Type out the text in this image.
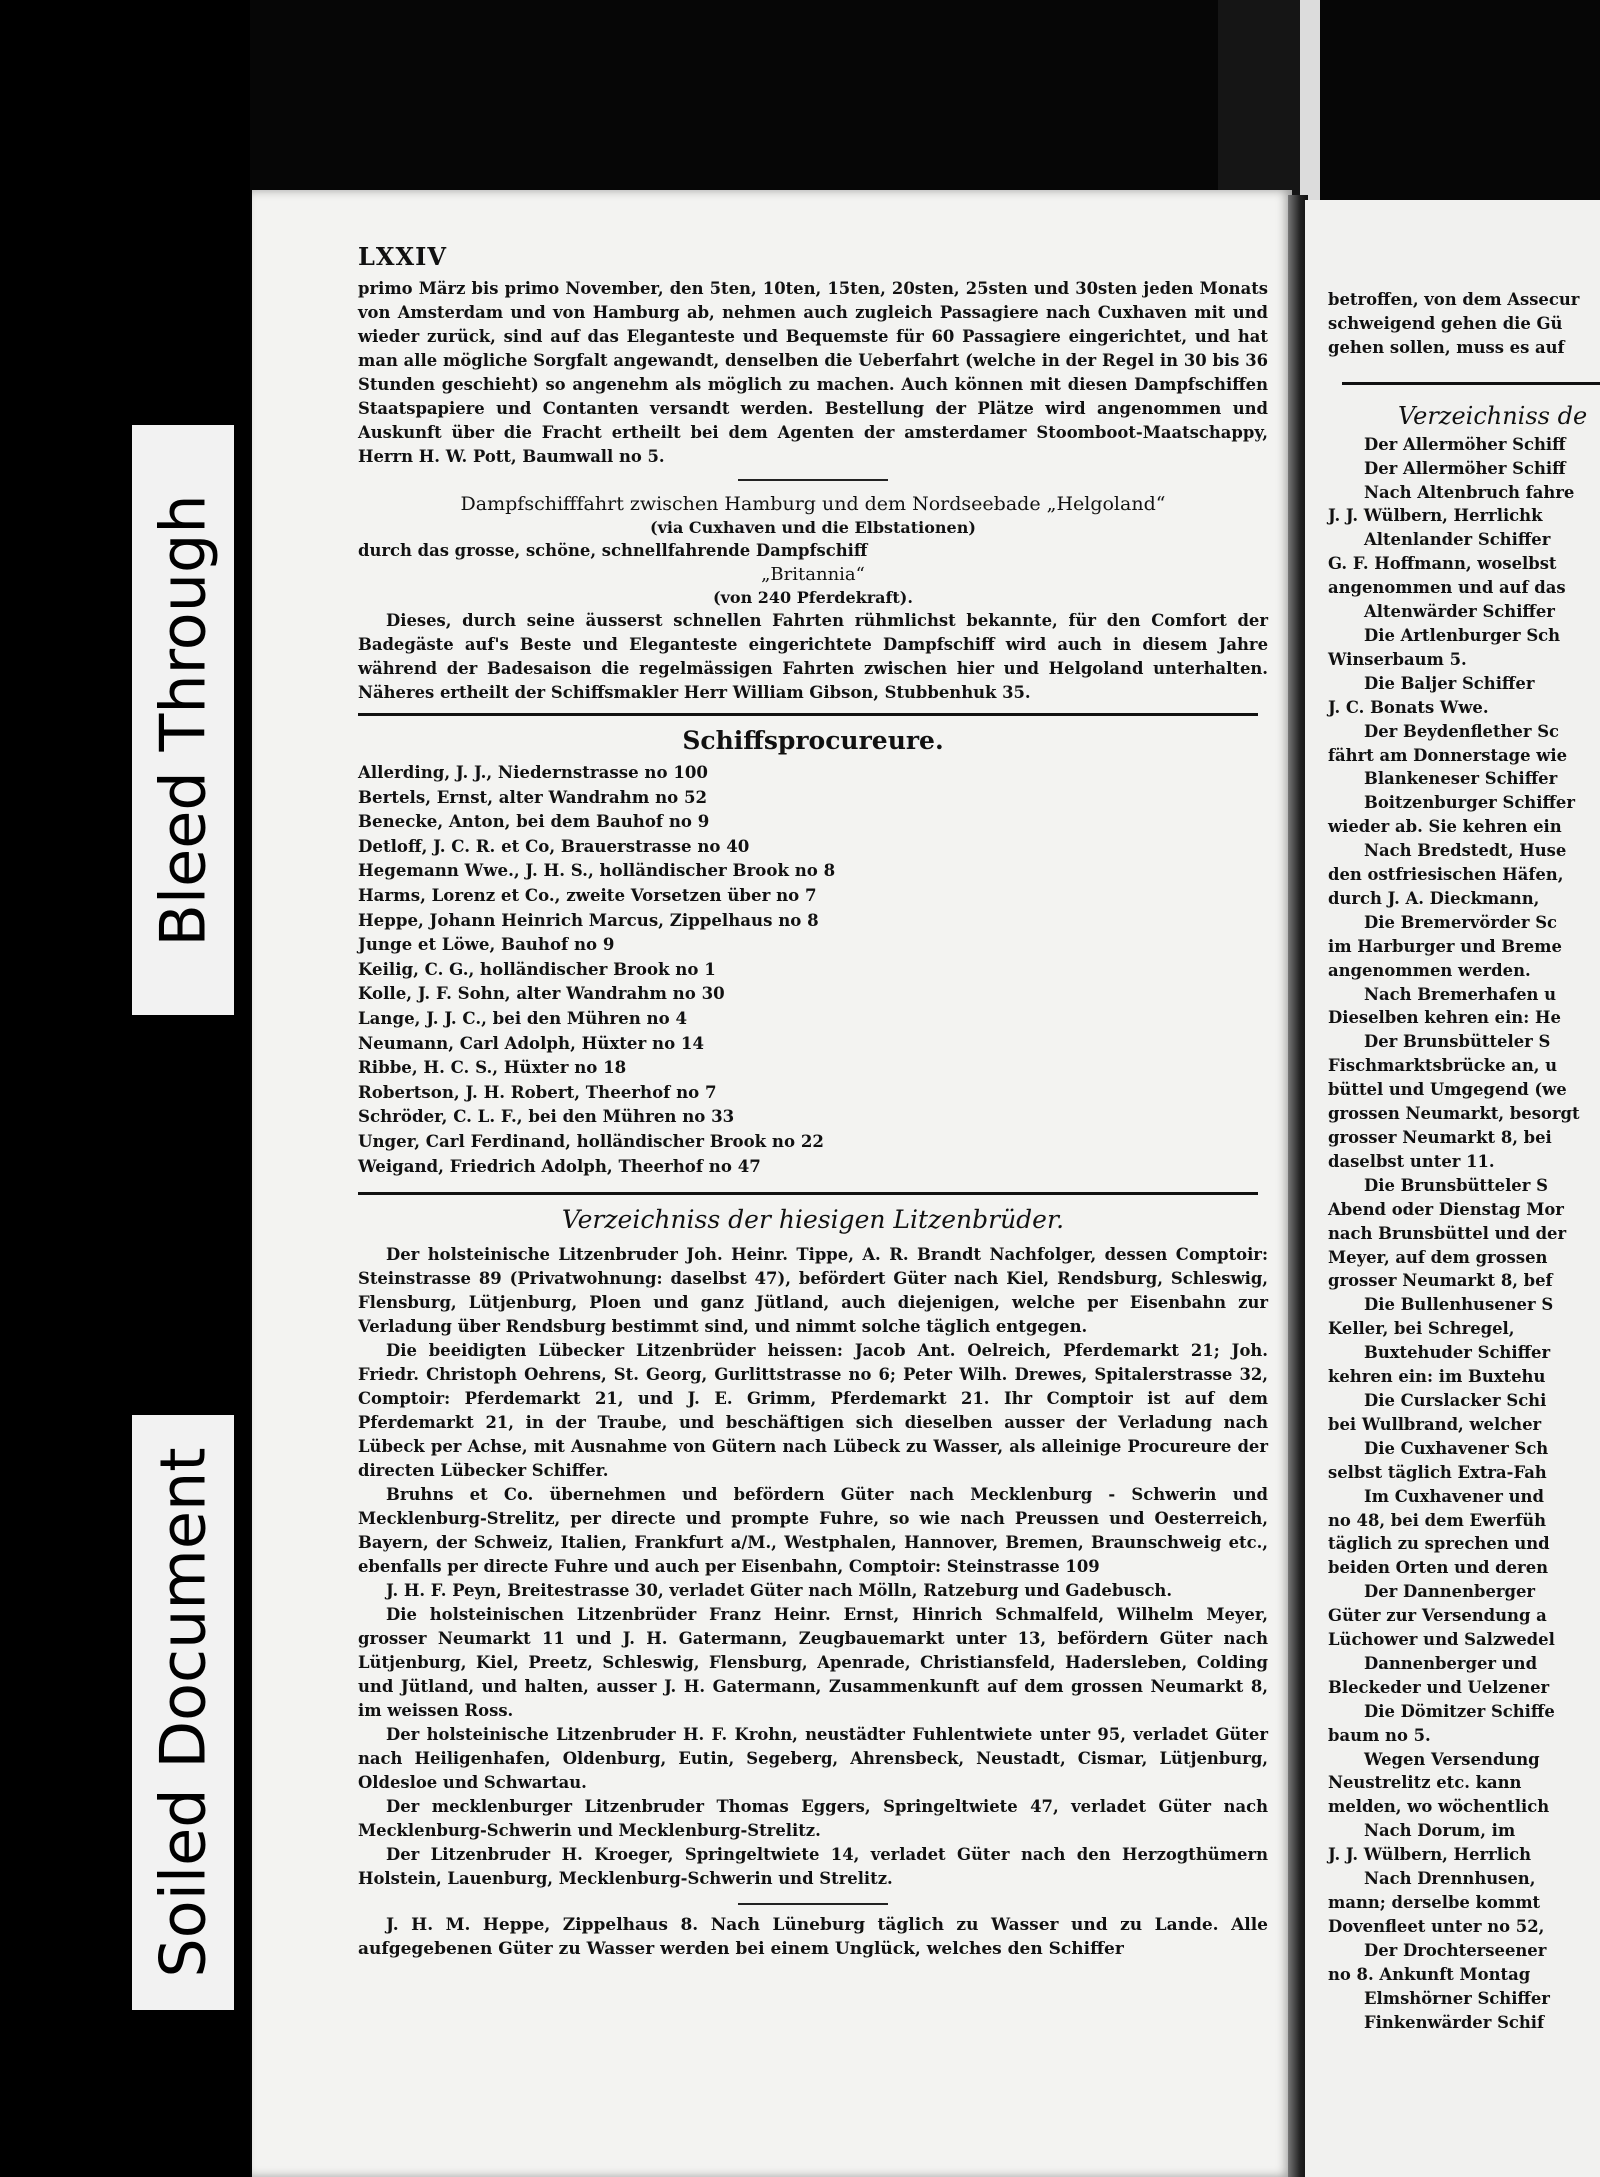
Bleed Through
Soiled Document
LXXIV

primo März bis primo November, den 5ten, 10ten, 15ten, 20sten, 25sten und 30sten jeden Monats von Amsterdam und von Hamburg ab, nehmen auch zugleich Passagiere nach Cuxhaven mit und wieder zurück, sind auf das Eleganteste und Bequemste für 60 Passagiere eingerichtet, und hat man alle mögliche Sorgfalt angewandt, denselben die Ueberfahrt (welche in der Regel in 30 bis 36 Stunden geschieht) so angenehm als möglich zu machen. Auch können mit diesen Dampfschiffen Staatspapiere und Contanten versandt werden. Bestellung der Plätze wird angenommen und Auskunft über die Fracht ertheilt bei dem Agenten der amsterdamer Stoomboot-Maatschappy, Herrn H. W. Pott, Baumwall no 5.

Dampfschifffahrt zwischen Hamburg und dem Nordseebade „Helgoland“
(via Cuxhaven und die Elbstationen)
durch das grosse, schöne, schnellfahrende Dampfschiff
„Britannia“
(von 240 Pferdekraft).

Dieses, durch seine äusserst schnellen Fahrten rühmlichst bekannte, für den Comfort der Badegäste auf's Beste und Eleganteste eingerichtete Dampfschiff wird auch in diesem Jahre während der Badesaison die regelmässigen Fahrten zwischen hier und Helgoland unterhalten. Näheres ertheilt der Schiffsmakler Herr William Gibson, Stubbenhuk 35.

Schiffsprocureure.
Allerding, J. J., Niedernstrasse no 100
Bertels, Ernst, alter Wandrahm no 52
Benecke, Anton, bei dem Bauhof no 9
Detloff, J. C. R. et Co, Brauerstrasse no 40
Hegemann Wwe., J. H. S., holländischer Brook no 8
Harms, Lorenz et Co., zweite Vorsetzen über no 7
Heppe, Johann Heinrich Marcus, Zippelhaus no 8
Junge et Löwe, Bauhof no 9
Keilig, C. G., holländischer Brook no 1
Kolle, J. F. Sohn, alter Wandrahm no 30
Lange, J. J. C., bei den Mühren no 4
Neumann, Carl Adolph, Hüxter no 14
Ribbe, H. C. S., Hüxter no 18
Robertson, J. H. Robert, Theerhof no 7
Schröder, C. L. F., bei den Mühren no 33
Unger, Carl Ferdinand, holländischer Brook no 22
Weigand, Friedrich Adolph, Theerhof no 47
Verzeichniss der hiesigen Litzenbrüder.

Der holsteinische Litzenbruder Joh. Heinr. Tippe, A. R. Brandt Nachfolger, dessen Comptoir: Steinstrasse 89 (Privatwohnung: daselbst 47), befördert Güter nach Kiel, Rendsburg, Schleswig, Flensburg, Lütjenburg, Ploen und ganz Jütland, auch diejenigen, welche per Eisenbahn zur Verladung über Rendsburg bestimmt sind, und nimmt solche täglich entgegen.

Die beeidigten Lübecker Litzenbrüder heissen: Jacob Ant. Oelreich, Pferdemarkt 21; Joh. Friedr. Christoph Oehrens, St. Georg, Gurlittstrasse no 6; Peter Wilh. Drewes, Spitalerstrasse 32, Comptoir: Pferdemarkt 21, und J. E. Grimm, Pferdemarkt 21. Ihr Comptoir ist auf dem Pferdemarkt 21, in der Traube, und beschäftigen sich dieselben ausser der Verladung nach Lübeck per Achse, mit Ausnahme von Gütern nach Lübeck zu Wasser, als alleinige Procureure der directen Lübecker Schiffer.

Bruhns et Co. übernehmen und befördern Güter nach Mecklenburg - Schwerin und Mecklenburg-Strelitz, per directe und prompte Fuhre, so wie nach Preussen und Oesterreich, Bayern, der Schweiz, Italien, Frankfurt a/M., Westphalen, Hannover, Bremen, Braunschweig etc., ebenfalls per directe Fuhre und auch per Eisenbahn, Comptoir: Steinstrasse 109

J. H. F. Peyn, Breitestrasse 30, verladet Güter nach Mölln, Ratzeburg und Gadebusch.

Die holsteinischen Litzenbrüder Franz Heinr. Ernst, Hinrich Schmalfeld, Wilhelm Meyer, grosser Neumarkt 11 und J. H. Gatermann, Zeugbauemarkt unter 13, befördern Güter nach Lütjenburg, Kiel, Preetz, Schleswig, Flensburg, Apenrade, Christiansfeld, Hadersleben, Colding und Jütland, und halten, ausser J. H. Gatermann, Zusammenkunft auf dem grossen Neumarkt 8, im weissen Ross.

Der holsteinische Litzenbruder H. F. Krohn, neustädter Fuhlentwiete unter 95, verladet Güter nach Heiligenhafen, Oldenburg, Eutin, Segeberg, Ahrensbeck, Neustadt, Cismar, Lütjenburg, Oldesloe und Schwartau.

Der mecklenburger Litzenbruder Thomas Eggers, Springeltwiete 47, verladet Güter nach Mecklenburg-Schwerin und Mecklenburg-Strelitz.

Der Litzenbruder H. Kroeger, Springeltwiete 14, verladet Güter nach den Herzogthümern Holstein, Lauenburg, Mecklenburg-Schwerin und Strelitz.

J. H. M. Heppe, Zippelhaus 8. Nach Lüneburg täglich zu Wasser und zu Lande. Alle aufgegebenen Güter zu Wasser werden bei einem Unglück, welches den Schiffer

betroffen, von dem Assecur
schweigend gehen die Gü
gehen sollen, muss es auf
Verzeichniss de
Der Allermöher Schiff
Der Allermöher Schiff
Nach Altenbruch fahre
J. J. Wülbern, Herrlichk
Altenlander Schiffer
G. F. Hoffmann, woselbst
angenommen und auf das
Altenwärder Schiffer
Die Artlenburger Sch
Winserbaum 5.
Die Baljer Schiffer
J. C. Bonats Wwe.
Der Beydenflether Sc
fährt am Donnerstage wie
Blankeneser Schiffer
Boitzenburger Schiffer
wieder ab. Sie kehren ein
Nach Bredstedt, Huse
den ostfriesischen Häfen,
durch J. A. Dieckmann,
Die Bremervörder Sc
im Harburger und Breme
angenommen werden.
Nach Bremerhafen u
Dieselben kehren ein: He
Der Brunsbütteler S
Fischmarktsbrücke an, u
büttel und Umgegend (we
grossen Neumarkt, besorgt
grosser Neumarkt 8, bei
daselbst unter 11.
Die Brunsbütteler S
Abend oder Dienstag Mor
nach Brunsbüttel und der
Meyer, auf dem grossen
grosser Neumarkt 8, bef
Die Bullenhusener S
Keller, bei Schregel,
Buxtehuder Schiffer
kehren ein: im Buxtehu
Die Curslacker Schi
bei Wullbrand, welcher
Die Cuxhavener Sch
selbst täglich Extra-Fah
Im Cuxhavener und
no 48, bei dem Ewerfüh
täglich zu sprechen und
beiden Orten und deren
Der Dannenberger
Güter zur Versendung a
Lüchower und Salzwedel
Dannenberger und
Bleckeder und Uelzener
Die Dömitzer Schiffe
baum no 5.
Wegen Versendung
Neustrelitz etc. kann
melden, wo wöchentlich
Nach Dorum, im
J. J. Wülbern, Herrlich
Nach Drennhusen,
mann; derselbe kommt
Dovenfleet unter no 52,
Der Drochterseener
no 8. Ankunft Montag
Elmshörner Schiffer
Finkenwärder Schif
